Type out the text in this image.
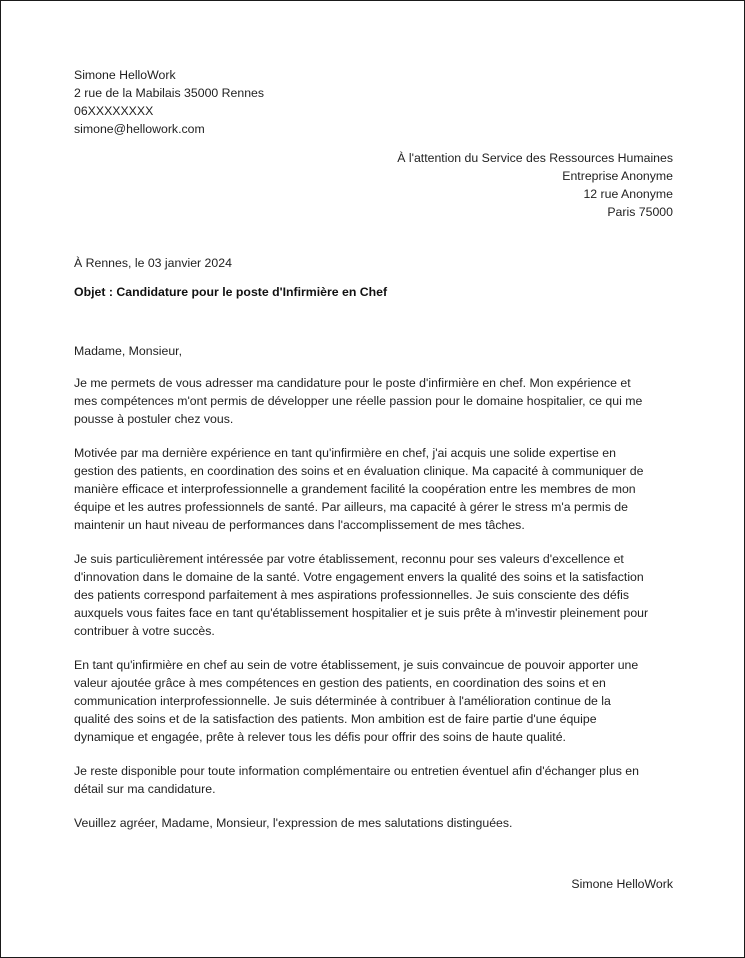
Simone HelloWork
2 rue de la Mabilais 35000 Rennes
06XXXXXXXX
simone@hellowork.com
À l'attention du Service des Ressources Humaines
Entreprise Anonyme
12 rue Anonyme
Paris 75000
À Rennes, le 03 janvier 2024
Objet : Candidature pour le poste d'Infirmière en Chef

Madame, Monsieur,

Je me permets de vous adresser ma candidature pour le poste d'infirmière en chef. Mon expérience et
mes compétences m'ont permis de développer une réelle passion pour le domaine hospitalier, ce qui me
pousse à postuler chez vous.

Motivée par ma dernière expérience en tant qu'infirmière en chef, j'ai acquis une solide expertise en
gestion des patients, en coordination des soins et en évaluation clinique. Ma capacité à communiquer de
manière efficace et interprofessionnelle a grandement facilité la coopération entre les membres de mon
équipe et les autres professionnels de santé. Par ailleurs, ma capacité à gérer le stress m'a permis de
maintenir un haut niveau de performances dans l'accomplissement de mes tâches.

Je suis particulièrement intéressée par votre établissement, reconnu pour ses valeurs d'excellence et
d'innovation dans le domaine de la santé. Votre engagement envers la qualité des soins et la satisfaction
des patients correspond parfaitement à mes aspirations professionnelles. Je suis consciente des défis
auxquels vous faites face en tant qu'établissement hospitalier et je suis prête à m'investir pleinement pour
contribuer à votre succès.

En tant qu'infirmière en chef au sein de votre établissement, je suis convaincue de pouvoir apporter une
valeur ajoutée grâce à mes compétences en gestion des patients, en coordination des soins et en
communication interprofessionnelle. Je suis déterminée à contribuer à l'amélioration continue de la
qualité des soins et de la satisfaction des patients. Mon ambition est de faire partie d'une équipe
dynamique et engagée, prête à relever tous les défis pour offrir des soins de haute qualité.

Je reste disponible pour toute information complémentaire ou entretien éventuel afin d'échanger plus en
détail sur ma candidature.

Veuillez agréer, Madame, Monsieur, l'expression de mes salutations distinguées.

Simone HelloWork
